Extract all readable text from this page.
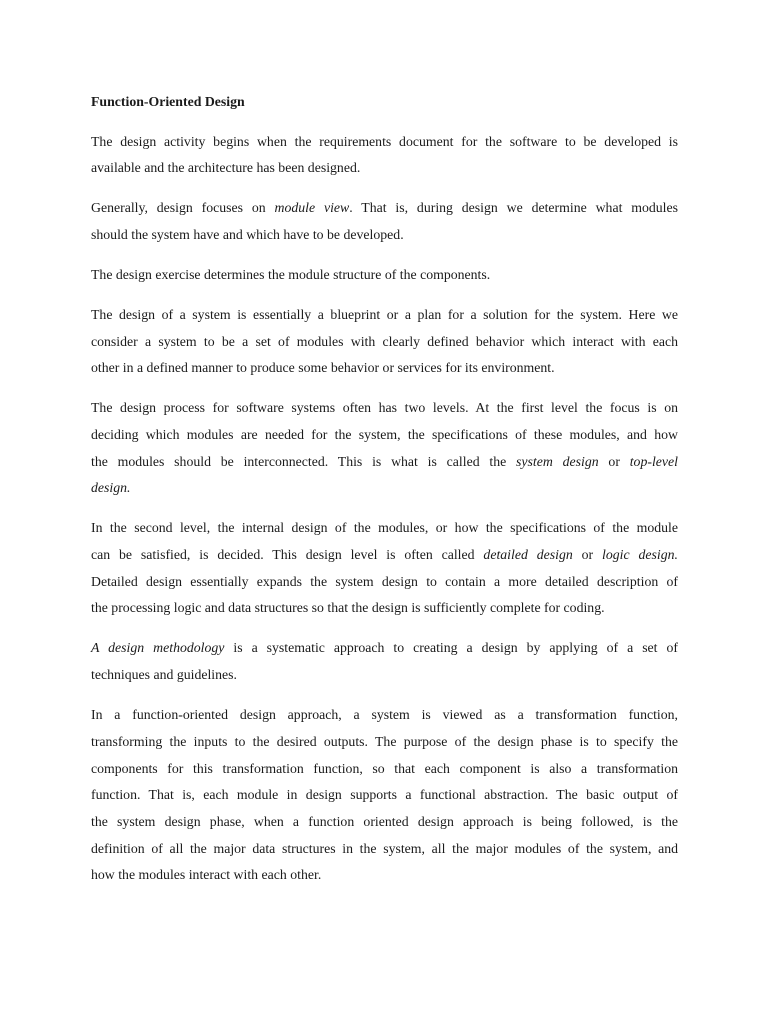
Function-Oriented Design
The design activity begins when the requirements document for the software to be developed is
available and the architecture has been designed.
Generally, design focuses on module view. That is, during design we determine what modules
should the system have and which have to be developed.
The design exercise determines the module structure of the components.
The design of a system is essentially a blueprint or a plan for a solution for the system. Here we
consider a system to be a set of modules with clearly defined behavior which interact with each
other in a defined manner to produce some behavior or services for its environment.
The design process for software systems often has two levels. At the first level the focus is on
deciding which modules are needed for the system, the specifications of these modules, and how
the modules should be interconnected. This is what is called the system design or top-level
design.
In the second level, the internal design of the modules, or how the specifications of the module
can be satisfied, is decided. This design level is often called detailed design or logic design.
Detailed design essentially expands the system design to contain a more detailed description of
the processing logic and data structures so that the design is sufficiently complete for coding.
A design methodology is a systematic approach to creating a design by applying of a set of
techniques and guidelines.
In a function-oriented design approach, a system is viewed as a transformation function,
transforming the inputs to the desired outputs. The purpose of the design phase is to specify the
components for this transformation function, so that each component is also a transformation
function. That is, each module in design supports a functional abstraction. The basic output of
the system design phase, when a function oriented design approach is being followed, is the
definition of all the major data structures in the system, all the major modules of the system, and
how the modules interact with each other.
